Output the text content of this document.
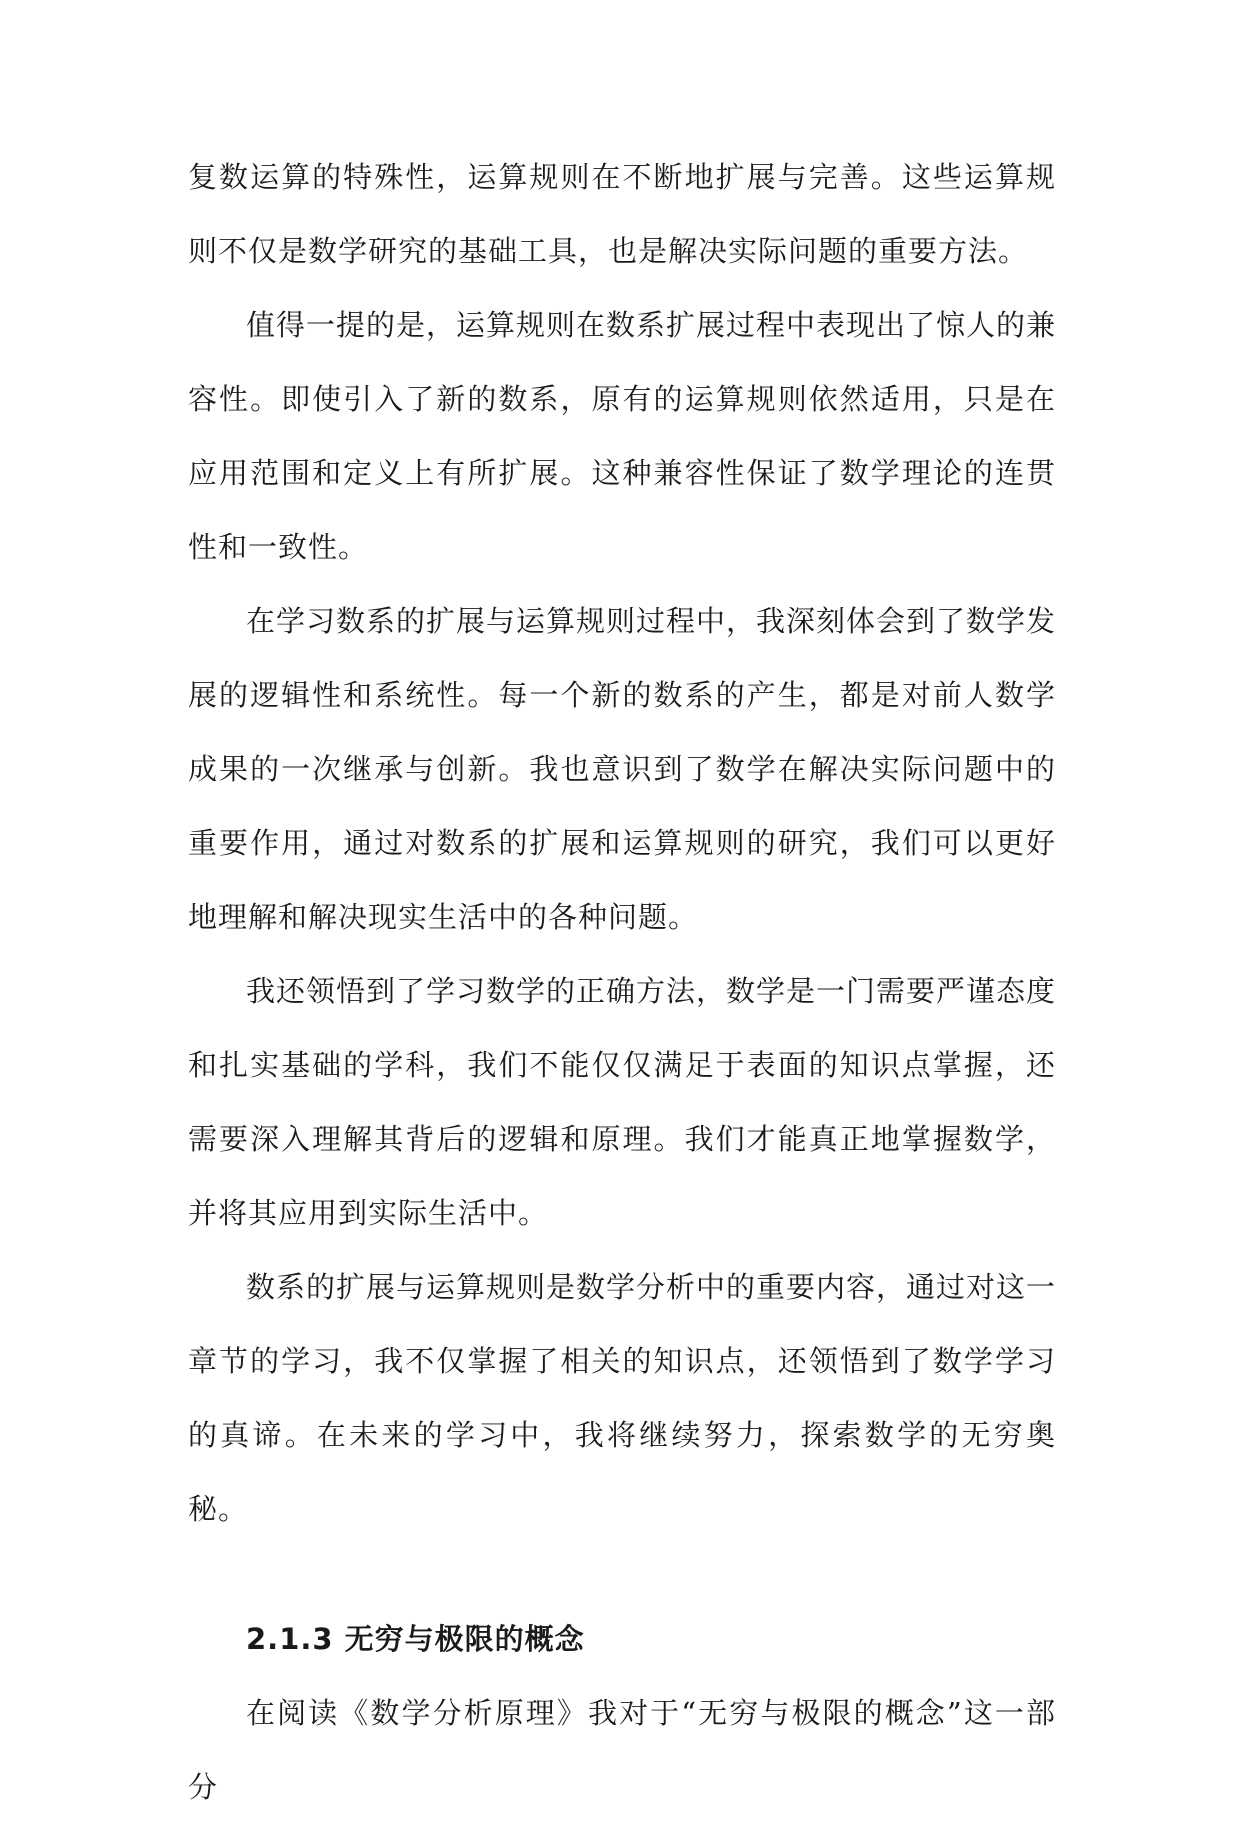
复数运算的特殊性，运算规则在不断地扩展与完善。这些运算规则不仅是数学研究的基础工具，也是解决实际问题的重要方法。

值得一提的是，运算规则在数系扩展过程中表现出了惊人的兼容性。即使引入了新的数系，原有的运算规则依然适用，只是在应用范围和定义上有所扩展。这种兼容性保证了数学理论的连贯性和一致性。

在学习数系的扩展与运算规则过程中，我深刻体会到了数学发展的逻辑性和系统性。每一个新的数系的产生，都是对前人数学成果的一次继承与创新。我也意识到了数学在解决实际问题中的重要作用，通过对数系的扩展和运算规则的研究，我们可以更好地理解和解决现实生活中的各种问题。

我还领悟到了学习数学的正确方法，数学是一门需要严谨态度和扎实基础的学科，我们不能仅仅满足于表面的知识点掌握，还需要深入理解其背后的逻辑和原理。我们才能真正地掌握数学，并将其应用到实际生活中。

数系的扩展与运算规则是数学分析中的重要内容，通过对这一章节的学习，我不仅掌握了相关的知识点，还领悟到了数学学习的真谛。在未来的学习中，我将继续努力，探索数学的无穷奥秘。

2.1.3 无穷与极限的概念

在阅读《数学分析原理》我对于“无穷与极限的概念”这一部分
